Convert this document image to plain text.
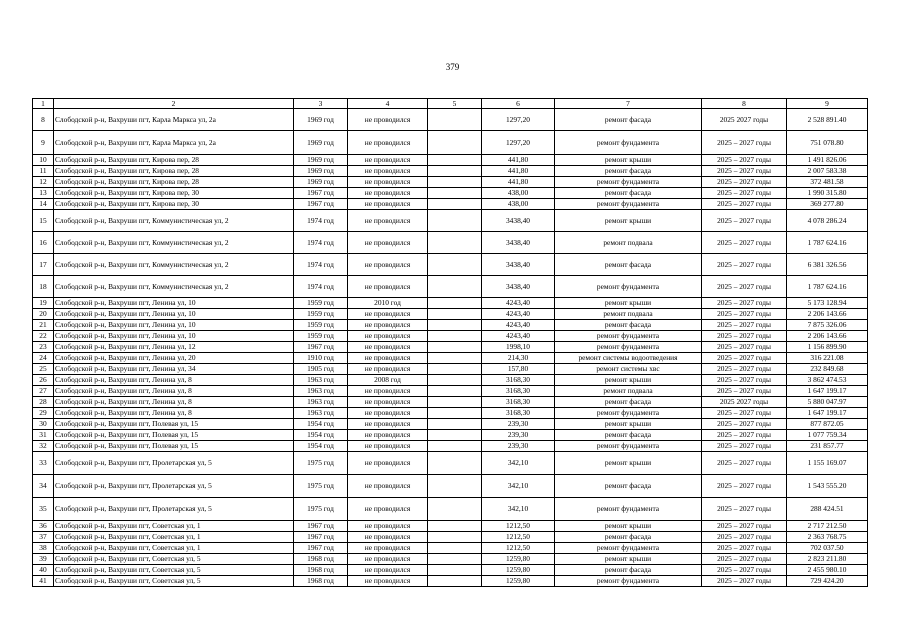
379
1	2	3	4	5	6	7	8	9
8	Слободской р-н, Вахруши пгт, Карла Маркса ул, 2а	1969 год	не проводился		1297,20	ремонт фасада	2025 2027 годы	2 528 891.40
9	Слободской р-н, Вахруши пгт, Карла Маркса ул, 2а	1969 год	не проводился		1297,20	ремонт фундамента	2025 – 2027 годы	751 078.80
10	Слободской р-н, Вахруши пгт, Кирова пер, 28	1969 год	не проводился		441,80	ремонт крыши	2025 – 2027 годы	1 491 826.06
11	Слободской р-н, Вахруши пгт, Кирова пер, 28	1969 год	не проводился		441,80	ремонт фасада	2025 – 2027 годы	2 007 583.38
12	Слободской р-н, Вахруши пгт, Кирова пер, 28	1969 год	не проводился		441,80	ремонт фундамента	2025 – 2027 годы	372 481.58
13	Слободской р-н, Вахруши пгт, Кирова пер, 30	1967 год	не проводился		438,00	ремонт фасада	2025 – 2027 годы	1 990 315.80
14	Слободской р-н, Вахруши пгт, Кирова пер, 30	1967 год	не проводился		438,00	ремонт фундамента	2025 – 2027 годы	369 277.80
15	Слободской р-н, Вахруши пгт, Коммунистическая ул, 2	1974 год	не проводился		3438,40	ремонт крыши	2025 – 2027 годы	4 078 286.24
16	Слободской р-н, Вахруши пгт, Коммунистическая ул, 2	1974 год	не проводился		3438,40	ремонт подвала	2025 – 2027 годы	1 787 624.16
17	Слободской р-н, Вахруши пгт, Коммунистическая ул, 2	1974 год	не проводился		3438,40	ремонт фасада	2025 – 2027 годы	6 381 326.56
18	Слободской р-н, Вахруши пгт, Коммунистическая ул, 2	1974 год	не проводился		3438,40	ремонт фундамента	2025 – 2027 годы	1 787 624.16
19	Слободской р-н, Вахруши пгт, Ленина ул, 10	1959 год	2010 год		4243,40	ремонт крыши	2025 – 2027 годы	5 173 128.94
20	Слободской р-н, Вахруши пгт, Ленина ул, 10	1959 год	не проводился		4243,40	ремонт подвала	2025 – 2027 годы	2 206 143.66
21	Слободской р-н, Вахруши пгт, Ленина ул, 10	1959 год	не проводился		4243,40	ремонт фасада	2025 – 2027 годы	7 875 326.06
22	Слободской р-н, Вахруши пгт, Ленина ул, 10	1959 год	не проводился		4243,40	ремонт фундамента	2025 – 2027 годы	2 206 143.66
23	Слободской р-н, Вахруши пгт, Ленина ул, 12	1967 год	не проводился		1998,10	ремонт фундамента	2025 – 2027 годы	1 156 899.90
24	Слободской р-н, Вахруши пгт, Ленина ул, 20	1910 год	не проводился		214,30	ремонт системы водоотведения	2025 – 2027 годы	316 221.08
25	Слободской р-н, Вахруши пгт, Ленина ул, 34	1905 год	не проводился		157,80	ремонт системы хвс	2025 – 2027 годы	232 849.68
26	Слободской р-н, Вахруши пгт, Ленина ул, 8	1963 год	2008 год		3168,30	ремонт крыши	2025 – 2027 годы	3 862 474.53
27	Слободской р-н, Вахруши пгт, Ленина ул, 8	1963 год	не проводился		3168,30	ремонт подвала	2025 – 2027 годы	1 647 199.17
28	Слободской р-н, Вахруши пгт, Ленина ул, 8	1963 год	не проводился		3168,30	ремонт фасада	2025 2027 годы	5 880 047.97
29	Слободской р-н, Вахруши пгт, Ленина ул, 8	1963 год	не проводился		3168,30	ремонт фундамента	2025 – 2027 годы	1 647 199.17
30	Слободской р-н, Вахруши пгт, Полевая ул, 15	1954 год	не проводился		239,30	ремонт крыши	2025 – 2027 годы	877 872.05
31	Слободской р-н, Вахруши пгт, Полевая ул, 15	1954 год	не проводился		239,30	ремонт фасада	2025 – 2027 годы	1 077 759.34
32	Слободской р-н, Вахруши пгт, Полевая ул, 15	1954 год	не проводился		239,30	ремонт фундамента	2025 – 2027 годы	231 857.77
33	Слободской р-н, Вахруши пгт, Пролетарская ул, 5	1975 год	не проводился		342,10	ремонт крыши	2025 – 2027 годы	1 155 169.07
34	Слободской р-н, Вахруши пгт, Пролетарская ул, 5	1975 год	не проводился		342,10	ремонт фасада	2025 – 2027 годы	1 543 555.20
35	Слободской р-н, Вахруши пгт, Пролетарская ул, 5	1975 год	не проводился		342,10	ремонт фундамента	2025 – 2027 годы	288 424.51
36	Слободской р-н, Вахруши пгт, Советская ул, 1	1967 год	не проводился		1212,50	ремонт крыши	2025 – 2027 годы	2 717 212.50
37	Слободской р-н, Вахруши пгт, Советская ул, 1	1967 год	не проводился		1212,50	ремонт фасада	2025 – 2027 годы	2 363 768.75
38	Слободской р-н, Вахруши пгт, Советская ул, 1	1967 год	не проводился		1212,50	ремонт фундамента	2025 – 2027 годы	702 037.50
39	Слободской р-н, Вахруши пгт, Советская ул, 5	1968 год	не проводился		1259,80	ремонт крыши	2025 – 2027 годы	2 823 211.80
40	Слободской р-н, Вахруши пгт, Советская ул, 5	1968 год	не проводился		1259,80	ремонт фасада	2025 – 2027 годы	2 455 980.10
41	Слободской р-н, Вахруши пгт, Советская ул, 5	1968 год	не проводился		1259,80	ремонт фундамента	2025 – 2027 годы	729 424.20
